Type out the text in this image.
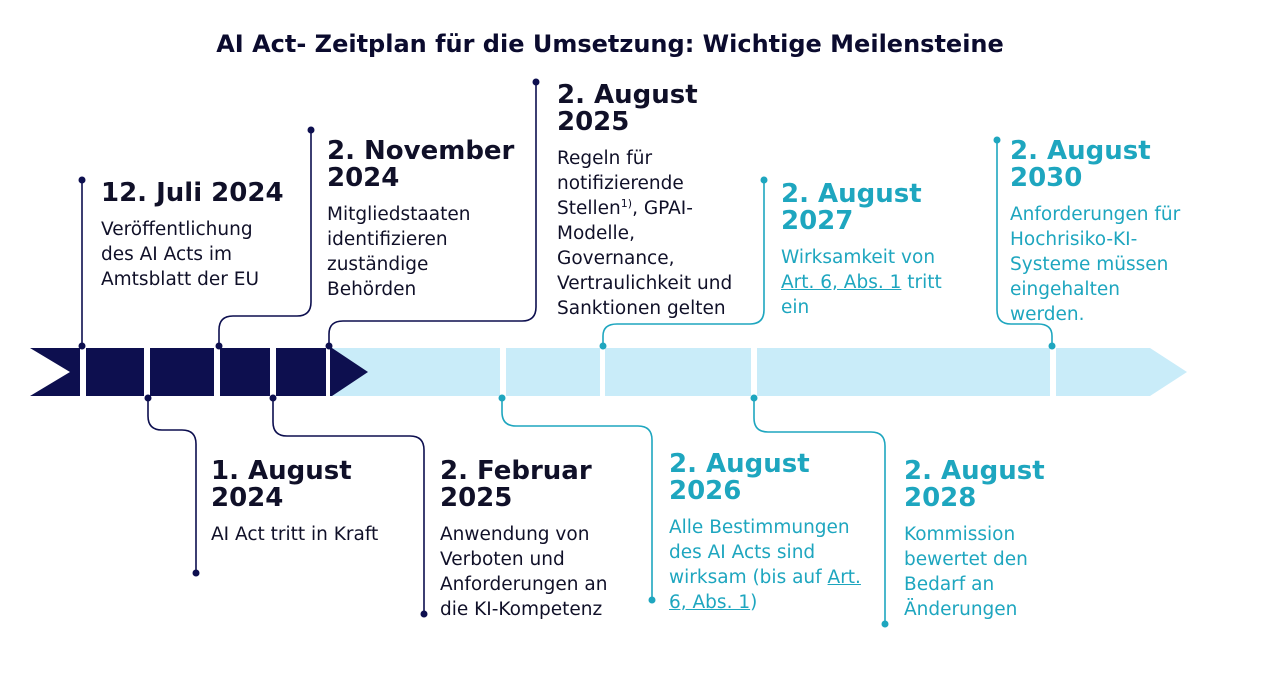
AI Act- Zeitplan für die Umsetzung: Wichtige Meilensteine
12. Juli 2024
Veröffentlichung
des AI Acts im
Amtsblatt der EU
2. November
2024
Mitgliedstaaten
identifizieren
zuständige
Behörden
2. August
2025
Regeln für
notifizierende
Stellen$^{1)}$, GPAI-
Modelle,
Governance,
Vertraulichkeit und
Sanktionen gelten
2. August
2027
Wirksamkeit von
Art. 6, Abs. 1 tritt
ein
2. August
2030
Anforderungen für
Hochrisiko-KI-
Systeme müssen
eingehalten
werden.
1. August
2024
AI Act tritt in Kraft
2. Februar
2025
Anwendung von
Verboten und
Anforderungen an
die KI-Kompetenz
2. August
2026
Alle Bestimmungen
des AI Acts sind
wirksam (bis auf Art.
6, Abs. 1)
2. August
2028
Kommission
bewertet den
Bedarf an
Änderungen
